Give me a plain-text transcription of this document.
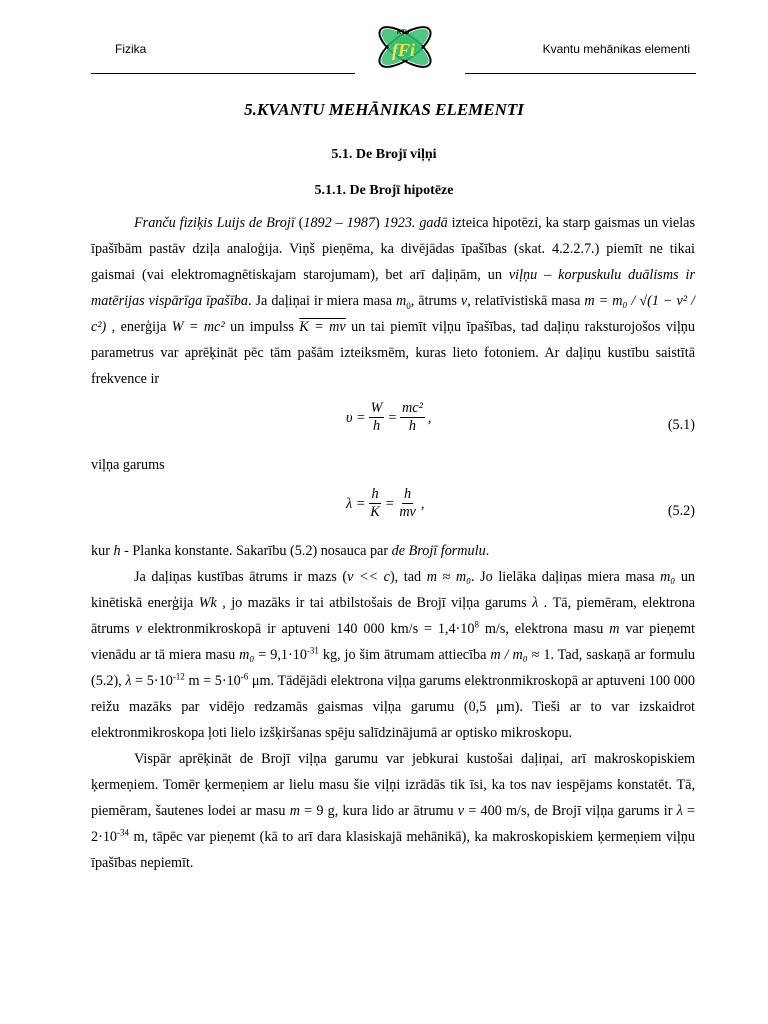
Fizika	Kvantu mehānikas elementi
RTU
fFi
5.KVANTU MEHĀNIKAS ELEMENTI
5.1. De Brojī viļņi
5.1.1. De Brojī hipotēze

Franču fiziķis Luijs de Brojī (1892 – 1987) 1923. gadā izteica hipotēzi, ka starp gaismas un vielas īpašībām pastāv dziļa analoģija. Viņš pieņēma, ka divējādas īpašības (skat. 4.2.2.7.) piemīt ne tikai gaismai (vai elektromagnētiskajam starojumam), bet arī daļiņām, un viļņu – korpuskulu duālisms ir matērijas vispārīga īpašība. Ja daļiņai ir miera masa $m_0$, ātrums v, relatīvistiskā masa m = m₀ / √(1 − v² / c²) , enerģija W = mc² un impulss K = mv un tai piemīt viļņu īpašības, tad daļiņu raksturojošos viļņu parametrus var aprēķināt pēc tām pašām izteiksmēm, kuras lieto fotoniem. Ar daļiņu kustību saistītā frekvence ir

$\upsilon = \frac{W}{h} = \frac{\text{mc²}}{h}$ ,	(5.1)

viļņa garums

$\lambda = \frac{h}{K} = \frac{h}{mv}$ ,	(5.2)

kur h - Planka konstante. Sakarību (5.2) nosauca par de Brojī formulu.

Ja daļiņas kustības ātrums ir mazs (v << c), tad m ≈ m₀. Jo lielāka daļiņas miera masa m₀ un kinētiskā enerģija Wk , jo mazāks ir tai atbilstošais de Brojī viļņa garums λ . Tā, piemēram, elektrona ātrums v elektronmikroskopā ir aptuveni 140 000 $km/s = 1,4\cdot 10^8$ m/s, elektrona masu m var pieņemt vienādu ar tā miera masu $m_0 = 9,1\cdot 10^{-31}$ kg, jo šim ātrumam attiecība m / m₀ ≈ 1. Tad, saskaņā ar formulu (5.2), $\lambda = 5\cdot 10^{-12}$ $m = 5\cdot 10^{-6}$ μm. Tādējādi elektrona viļņa garums elektronmikroskopā ar aptuveni 100 000 reižu mazāks par vidējo redzamās gaismas viļņa garumu (0,5 μm). Tieši ar to var izskaidrot elektronmikroskopa ļoti lielo izšķiršanas spēju salīdzinājumā ar optisko mikroskopu.

Vispār aprēķināt de Brojī viļņa garumu var jebkurai kustošai daļiņai, arī makroskopiskiem ķermeņiem. Tomēr ķermeņiem ar lielu masu šie viļņi izrādās tik īsi, ka tos nav iespējams konstatēt. Tā, piemēram, šautenes lodei ar masu m = 9 g, kura lido ar ātrumu v = 400 m/s, de Brojī viļņa garums ir $\lambda = 2\cdot 10^{-34}$ m, tāpēc var pieņemt (kā to arī dara klasiskajā mehānikā), ka makroskopiskiem ķermeņiem viļņu īpašības nepiemīt.
